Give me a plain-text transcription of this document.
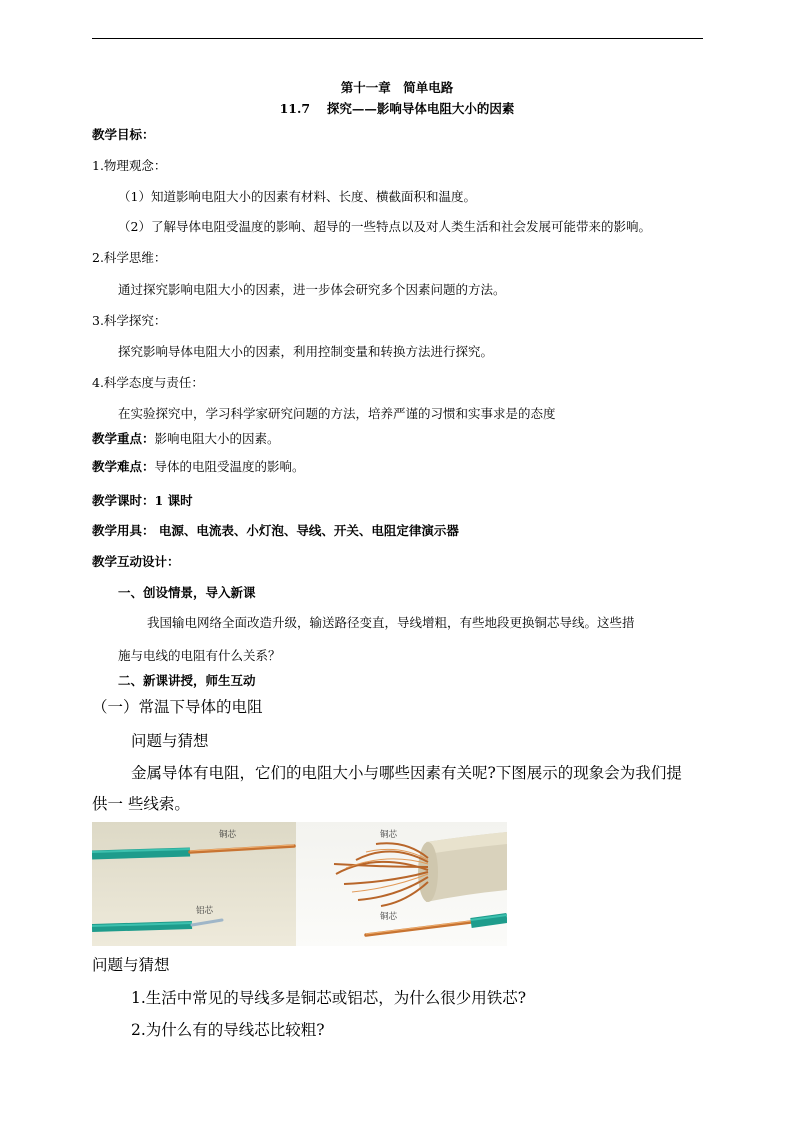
第十一章　简单电路
11.7　 探究——影响导体电阻大小的因素
教学目标：
1.物理观念：
（1）知道影响电阻大小的因素有材料、长度、横截面积和温度。
（2）了解导体电阻受温度的影响、超导的一些特点以及对人类生活和社会发展可能带来的影响。
2.科学思维：
通过探究影响电阻大小的因素，进一步体会研究多个因素问题的方法。
3.科学探究：
探究影响导体电阻大小的因素，利用控制变量和转换方法进行探究。
4.科学态度与责任：
在实验探究中，学习科学家研究问题的方法，培养严谨的习惯和实事求是的态度
教学重点：影响电阻大小的因素。
教学难点：导体的电阻受温度的影响。
教学课时：1 课时
教学用具： 电源、电流表、小灯泡、导线、开关、电阻定律演示器
教学互动设计：
一、创设情景，导入新课
我国输电网络全面改造升级，输送路径变直，导线增粗，有些地段更换铜芯导线。这些措
施与电线的电阻有什么关系？
二、新课讲授，师生互动
（一）常温下导体的电阻
问题与猜想
金属导体有电阻，它们的电阻大小与哪些因素有关呢?下图展示的现象会为我们提
供一 些线索。
铜芯
铝芯
铜芯
铜芯
问题与猜想
1.生活中常见的导线多是铜芯或铝芯，为什么很少用铁芯?
2.为什么有的导线芯比较粗?
